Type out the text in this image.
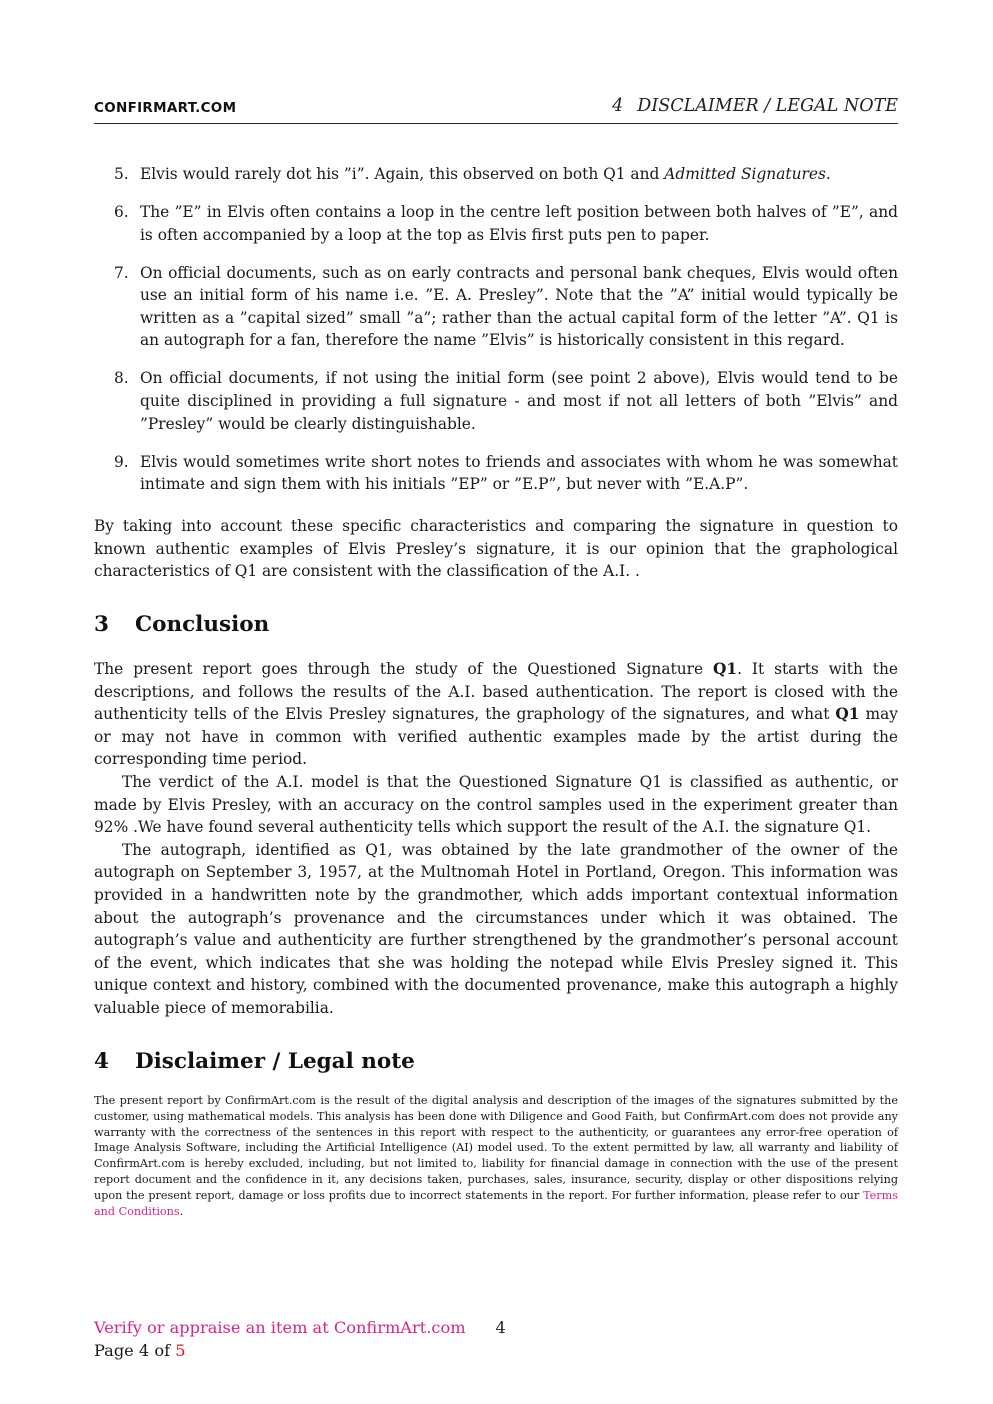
CONFIRMART.COM	4 DISCLAIMER / LEGAL NOTE
5. Elvis would rarely dot his ”i”. Again, this observed on both Q1 and Admitted Signatures.
6. The ”E” in Elvis often contains a loop in the centre left position between both halves of ”E”, and is often accompanied by a loop at the top as Elvis first puts pen to paper.
7. On official documents, such as on early contracts and personal bank cheques, Elvis would often use an initial form of his name i.e. ”E. A. Presley”. Note that the ”A” initial would typically be written as a ”capital sized” small ”a”; rather than the actual capital form of the letter ”A”. Q1 is an autograph for a fan, therefore the name ”Elvis” is historically consistent in this regard.
8. On official documents, if not using the initial form (see point 2 above), Elvis would tend to be quite disciplined in providing a full signature - and most if not all letters of both ”Elvis” and ”Presley” would be clearly distinguishable.
9. Elvis would sometimes write short notes to friends and associates with whom he was somewhat intimate and sign them with his initials ”EP” or ”E.P”, but never with ”E.A.P”.

By taking into account these specific characteristics and comparing the signature in question to known authentic examples of Elvis Presley’s signature, it is our opinion that the graphological characteristics of Q1 are consistent with the classification of the A.I. .

3 Conclusion

The present report goes through the study of the Questioned Signature Q1. It starts with the descriptions, and follows the results of the A.I. based authentication. The report is closed with the authenticity tells of the Elvis Presley signatures, the graphology of the signatures, and what Q1 may or may not have in common with verified authentic examples made by the artist during the corresponding time period.

The verdict of the A.I. model is that the Questioned Signature Q1 is classified as authentic, or made by Elvis Presley, with an accuracy on the control samples used in the experiment greater than 92% .We have found several authenticity tells which support the result of the A.I. the signature Q1.

The autograph, identified as Q1, was obtained by the late grandmother of the owner of the autograph on September 3, 1957, at the Multnomah Hotel in Portland, Oregon. This information was provided in a handwritten note by the grandmother, which adds important contextual information about the autograph’s provenance and the circumstances under which it was obtained. The autograph’s value and authenticity are further strengthened by the grandmother’s personal account of the event, which indicates that she was holding the notepad while Elvis Presley signed it. This unique context and history, combined with the documented provenance, make this autograph a highly valuable piece of memorabilia.

4 Disclaimer / Legal note

The present report by ConfirmArt.com is the result of the digital analysis and description of the images of the signatures submitted by the customer, using mathematical models. This analysis has been done with Diligence and Good Faith, but ConfirmArt.com does not provide any warranty with the correctness of the sentences in this report with respect to the authenticity, or guarantees any error-free operation of Image Analysis Software, including the Artificial Intelligence (AI) model used. To the extent permitted by law, all warranty and liability of ConfirmArt.com is hereby excluded, including, but not limited to, liability for financial damage in connection with the use of the present report document and the confidence in it, any decisions taken, purchases, sales, insurance, security, display or other dispositions relying upon the present report, damage or loss profits due to incorrect statements in the report. For further information, please refer to our Terms and Conditions.

Verify or appraise an item at ConfirmArt.com 4
Page 4 of 5
